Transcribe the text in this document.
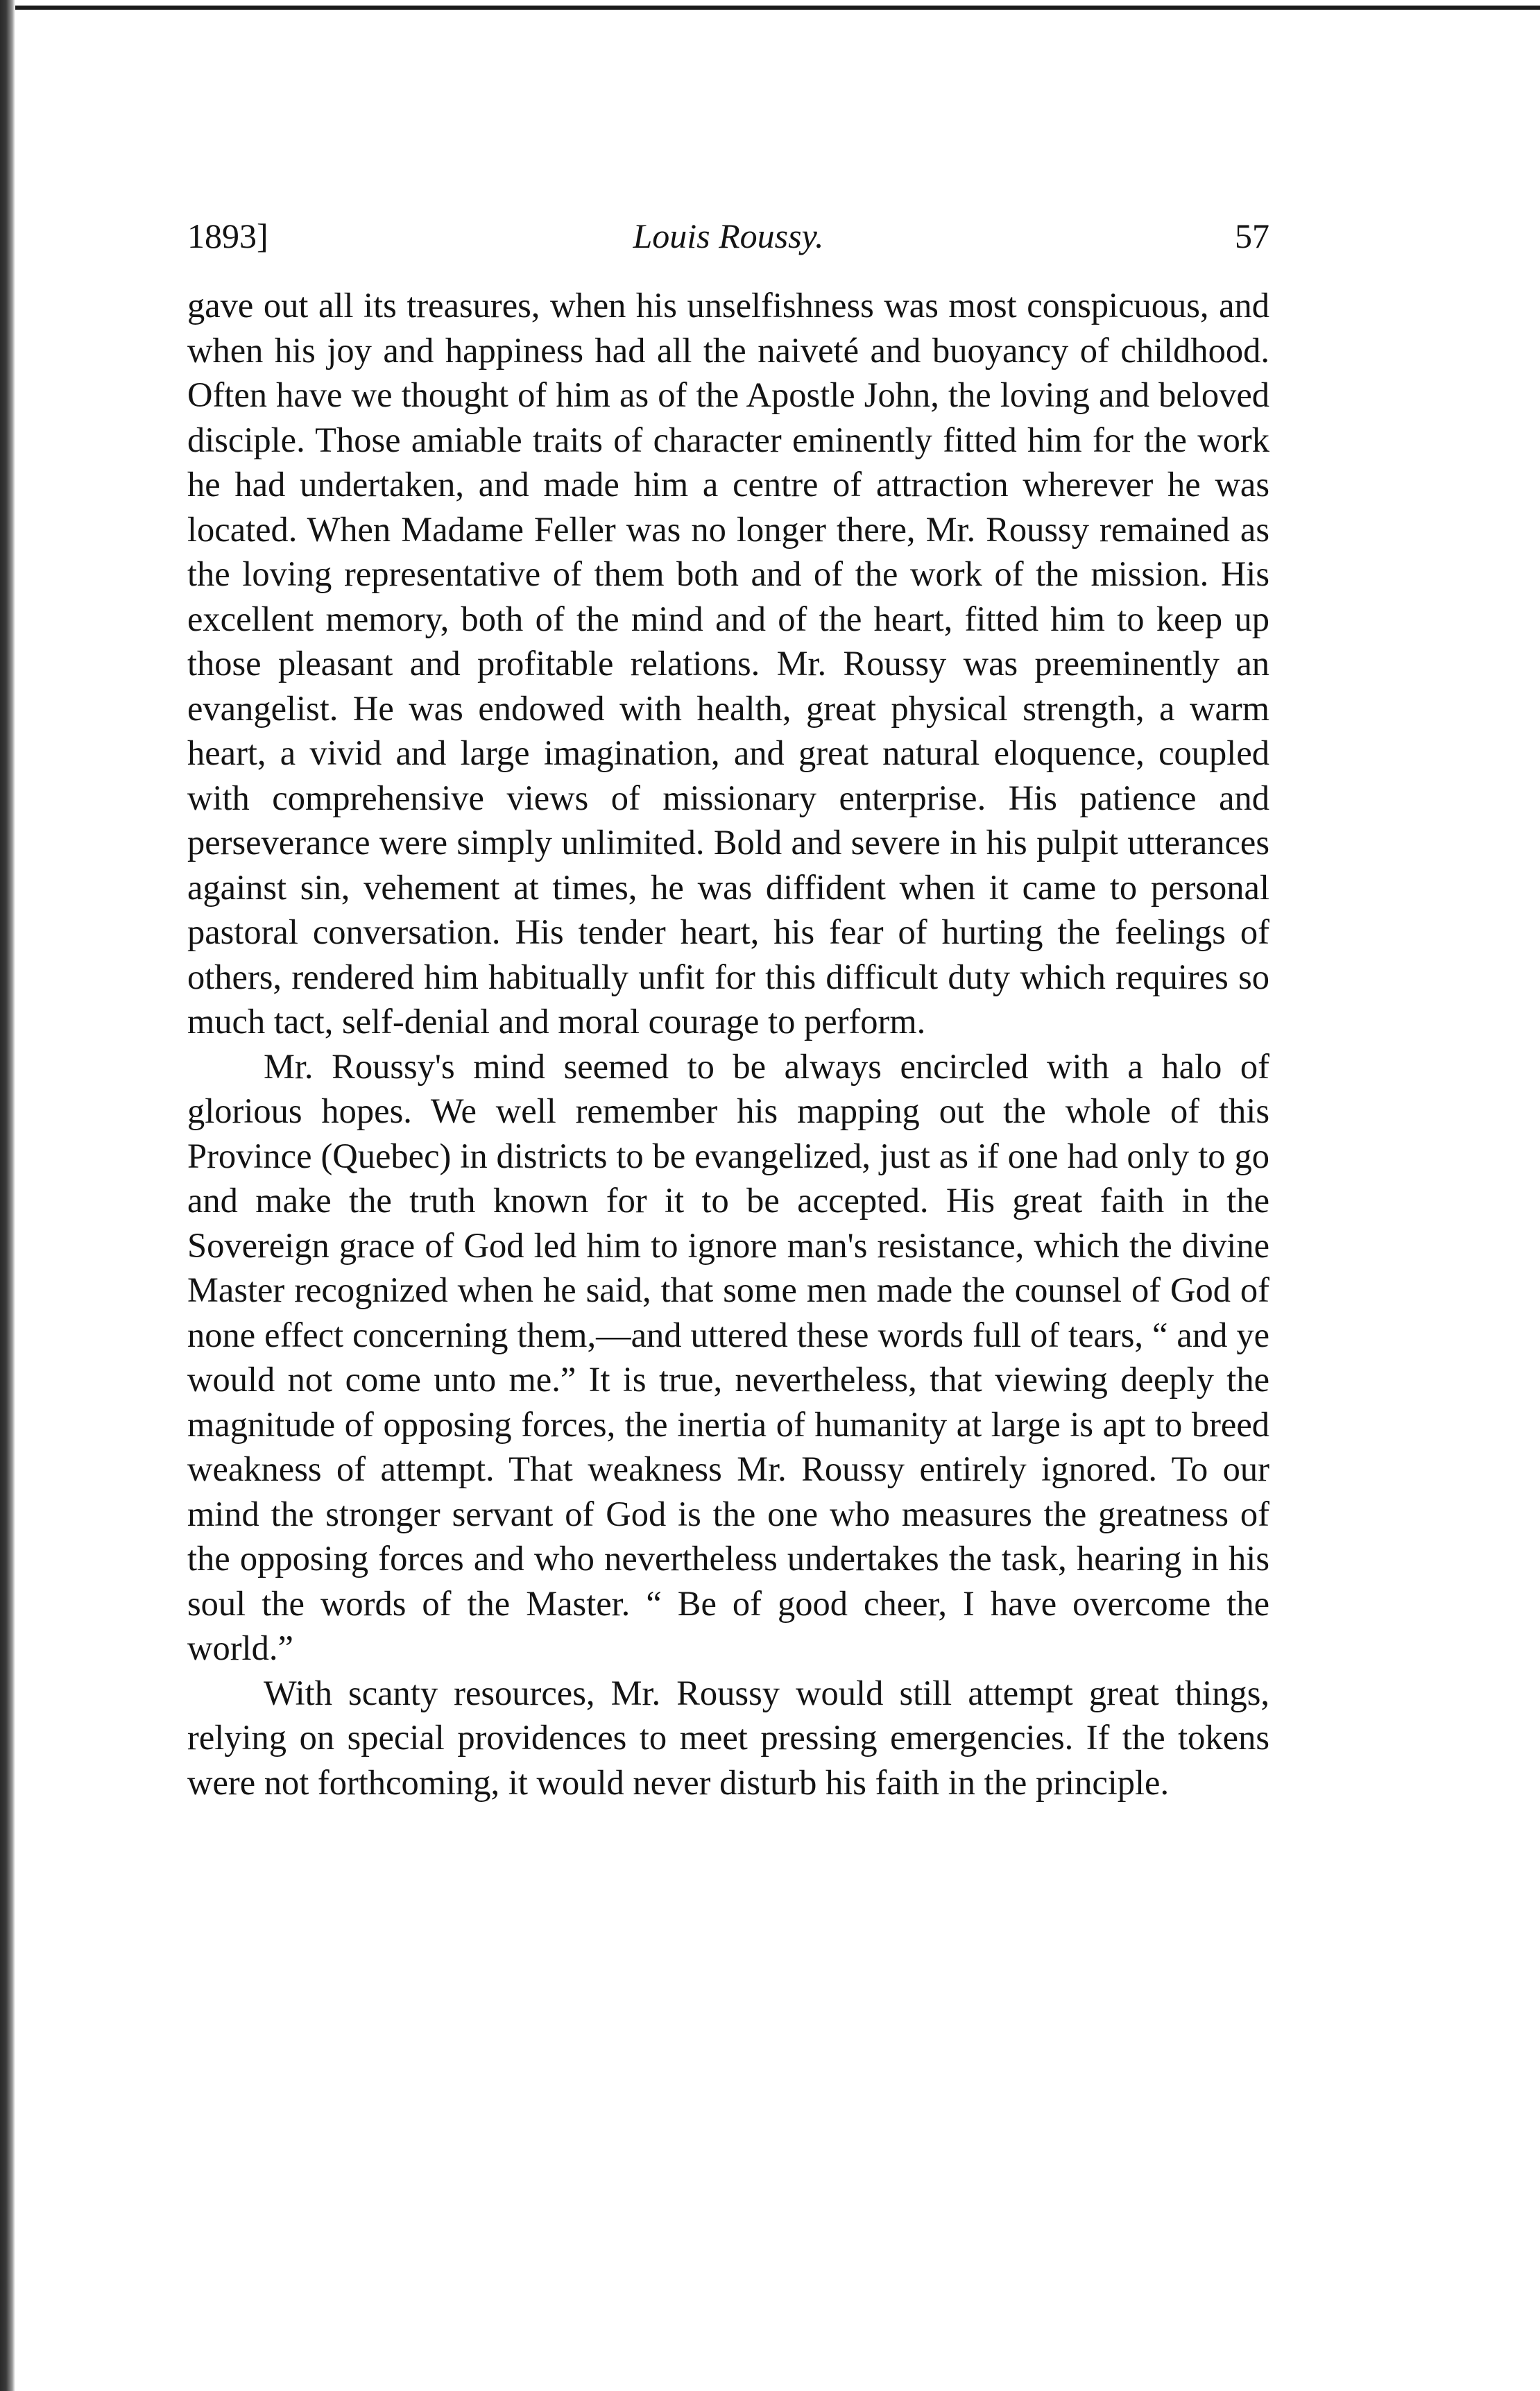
1893]	Louis Roussy.	57

gave out all its treasures, when his unselfishness was most conspicuous, and when his joy and happiness had all the naiveté and buoyancy of childhood. Often have we thought of him as of the Apostle John, the loving and beloved disciple. Those amiable traits of character eminently fitted him for the work he had undertaken, and made him a centre of attraction wherever he was located. When Madame Feller was no longer there, Mr. Roussy remained as the loving representative of them both and of the work of the mission. His excellent memory, both of the mind and of the heart, fitted him to keep up those pleasant and profitable relations. Mr. Roussy was preeminently an evangelist. He was endowed with health, great physical strength, a warm heart, a vivid and large imagination, and great natural eloquence, coupled with comprehensive views of missionary enterprise. His patience and perseverance were simply unlimited. Bold and severe in his pulpit utterances against sin, vehement at times, he was diffident when it came to personal pastoral conversation. His tender heart, his fear of hurting the feelings of others, rendered him habitually unfit for this difficult duty which requires so much tact, self-denial and moral courage to perform.

Mr. Roussy's mind seemed to be always encircled with a halo of glorious hopes. We well remember his mapping out the whole of this Province (Quebec) in districts to be evangelized, just as if one had only to go and make the truth known for it to be accepted. His great faith in the Sovereign grace of God led him to ignore man's resistance, which the divine Master recognized when he said, that some men made the counsel of God of none effect concerning them,—and uttered these words full of tears, “ and ye would not come unto me.” It is true, nevertheless, that viewing deeply the magnitude of opposing forces, the inertia of humanity at large is apt to breed weakness of attempt. That weakness Mr. Roussy entirely ignored. To our mind the stronger servant of God is the one who measures the greatness of the opposing forces and who nevertheless undertakes the task, hearing in his soul the words of the Master. “ Be of good cheer, I have overcome the world.”

With scanty resources, Mr. Roussy would still attempt great things, relying on special providences to meet pressing emergencies. If the tokens were not forthcoming, it would never disturb his faith in the principle.
